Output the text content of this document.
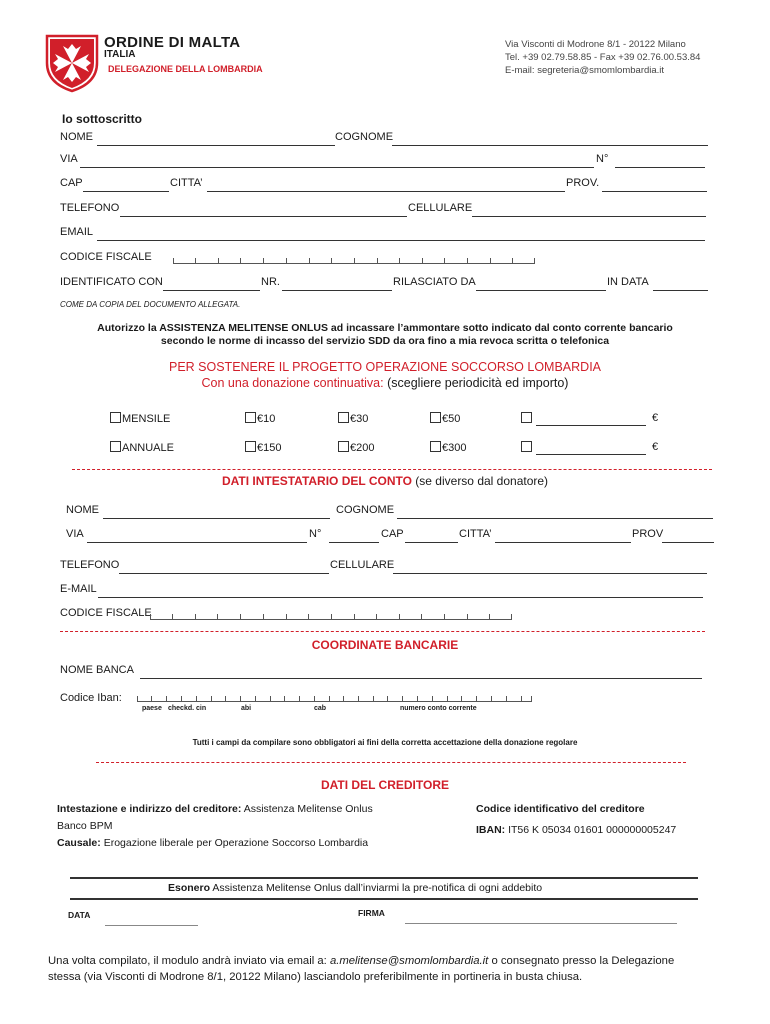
ORDINE DI MALTA
ITALIA
DELEGAZIONE DELLA LOMBARDIA
Via Visconti di Modrone 8/1 - 20122 Milano
Tel. +39 02.79.58.85 - Fax +39 02.76.00.53.84
E-mail: segreteria@smomlombardia.it
Io sottoscritto
NOME	COGNOME
VIA	N°
CAP	CITTA’	PROV.
TELEFONO	CELLULARE
EMAIL
CODICE FISCALE
IDENTIFICATO CON	NR.	RILASCIATO DA	IN DATA
COME DA COPIA DEL DOCUMENTO ALLEGATA.
Autorizzo la ASSISTENZA MELITENSE ONLUS ad incassare l’ammontare sotto indicato dal conto corrente bancario
secondo le norme di incasso del servizio SDD da ora fino a mia revoca scritta o telefonica
PER SOSTENERE IL PROGETTO OPERAZIONE SOCCORSO LOMBARDIA
Con una donazione continuativa: (scegliere periodicità ed importo)
MENSILE	€10	€30	€50	€
ANNUALE	€150	€200	€300	€
DATI INTESTATARIO DEL CONTO (se diverso dal donatore)
NOME	COGNOME
VIA	N°	CAP	CITTA’	PROV
TELEFONO	CELLULARE
E-MAIL
CODICE FISCALE
COORDINATE BANCARIE
NOME BANCA
Codice Iban:
paese checkd. cin	abi	cab	numero conto corrente
Tutti i campi da compilare sono obbligatori ai fini della corretta accettazione della donazione regolare
DATI DEL CREDITORE
Intestazione e indirizzo del creditore: Assistenza Melitense Onlus
Banco BPM
Causale: Erogazione liberale per Operazione Soccorso Lombardia
Codice identificativo del creditore
IBAN: IT56 K 05034 01601 000000005247
Esonero Assistenza Melitense Onlus dall’inviarmi la pre-notifica di ogni addebito
DATA	FIRMA
Una volta compilato, il modulo andrà inviato via email a: a.melitense@smomlombardia.it o consegnato presso la Delegazione
stessa (via Visconti di Modrone 8/1, 20122 Milano) lasciandolo preferibilmente in portineria in busta chiusa.
